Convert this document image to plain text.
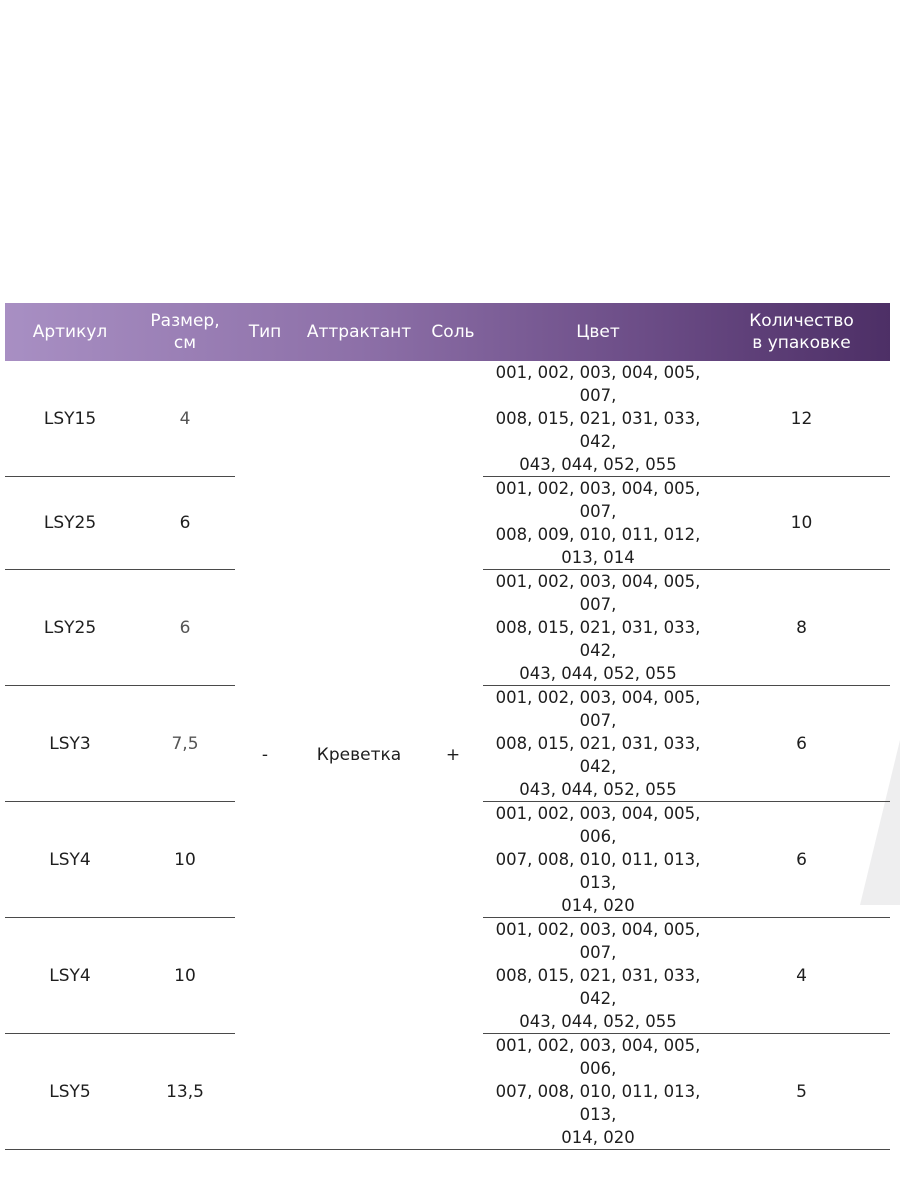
Артикул	Размер, см	Тип	Аттрактант	Соль	Цвет	Количество
в упаковке

LSY15	4	-	Креветка	+	001, 002, 003, 004, 005, 007,
008, 015, 021, 031, 033, 042,
043, 044, 052, 055	12
LSY25	6				001, 002, 003, 004, 005, 007,
008, 009, 010, 011, 012, 013, 014	10
LSY25	6				001, 002, 003, 004, 005, 007,
008, 015, 021, 031, 033, 042,
043, 044, 052, 055	8
LSY3	7,5				001, 002, 003, 004, 005, 007,
008, 015, 021, 031, 033, 042,
043, 044, 052, 055	6
LSY4	10				001, 002, 003, 004, 005, 006,
007, 008, 010, 011, 013, 013,
014, 020	6
LSY4	10				001, 002, 003, 004, 005, 007,
008, 015, 021, 031, 033, 042,
043, 044, 052, 055	4
LSY5	13,5				001, 002, 003, 004, 005, 006,
007, 008, 010, 011, 013, 013,
014, 020	5
